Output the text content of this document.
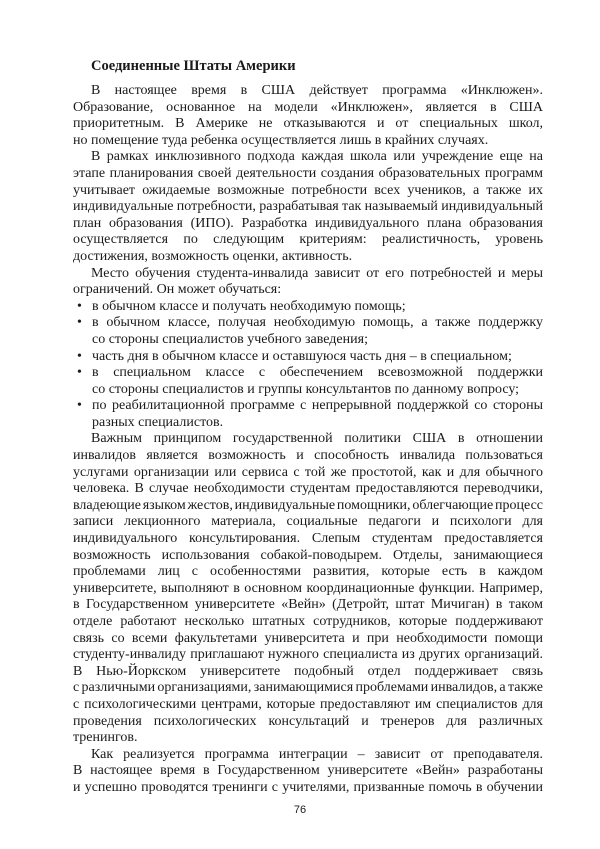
Соединенные Штаты Америки
В настоящее время в США действует программа «Инклюжен».
Образование, основанное на модели «Инклюжен», является в США
приоритетным. В Америке не отказываются и от специальных школ,
но помещение туда ребенка осуществляется лишь в крайних случаях.
В рамках инклюзивного подхода каждая школа или учреждение еще на
этапе планирования своей деятельности создания образовательных программ
учитывает ожидаемые возможные потребности всех учеников, а также их
индивидуальные потребности, разрабатывая так называемый индивидуальный
план образования (ИПО). Разработка индивидуального плана образования
осуществляется по следующим критериям: реалистичность, уровень
достижения, возможность оценки, активность.
Место обучения студента-инвалида зависит от его потребностей и меры
ограничений. Он может обучаться:
• в обычном классе и получать необходимую помощь;
• в обычном классе, получая необходимую помощь, а также поддержку
со стороны специалистов учебного заведения;
• часть дня в обычном классе и оставшуюся часть дня – в специальном;
• в специальном классе с обеспечением всевозможной поддержки
со стороны специалистов и группы консультантов по данному вопросу;
• по реабилитационной программе с непрерывной поддержкой со стороны
разных специалистов.
Важным принципом государственной политики США в отношении
инвалидов является возможность и способность инвалида пользоваться
услугами организации или сервиса с той же простотой, как и для обычного
человека. В случае необходимости студентам предоставляются переводчики,
владеющие языком жестов, индивидуальные помощники, облегчающие процесс
записи лекционного материала, социальные педагоги и психологи для
индивидуального консультирования. Слепым студентам предоставляется
возможность использования собакой-поводырем. Отделы, занимающиеся
проблемами лиц с особенностями развития, которые есть в каждом
университете, выполняют в основном координационные функции. Например,
в Государственном университете «Вейн» (Детройт, штат Мичиган) в таком
отделе работают несколько штатных сотрудников, которые поддерживают
связь со всеми факультетами университета и при необходимости помощи
студенту-инвалиду приглашают нужного специалиста из других организаций.
В Нью-Йоркском университете подобный отдел поддерживает связь
с различными организациями, занимающимися проблемами инвалидов, а также
с психологическими центрами, которые предоставляют им специалистов для
проведения психологических консультаций и тренеров для различных
тренингов.
Как реализуется программа интеграции – зависит от преподавателя.
В настоящее время в Государственном университете «Вейн» разработаны
и успешно проводятся тренинги с учителями, призванные помочь в обучении
76
